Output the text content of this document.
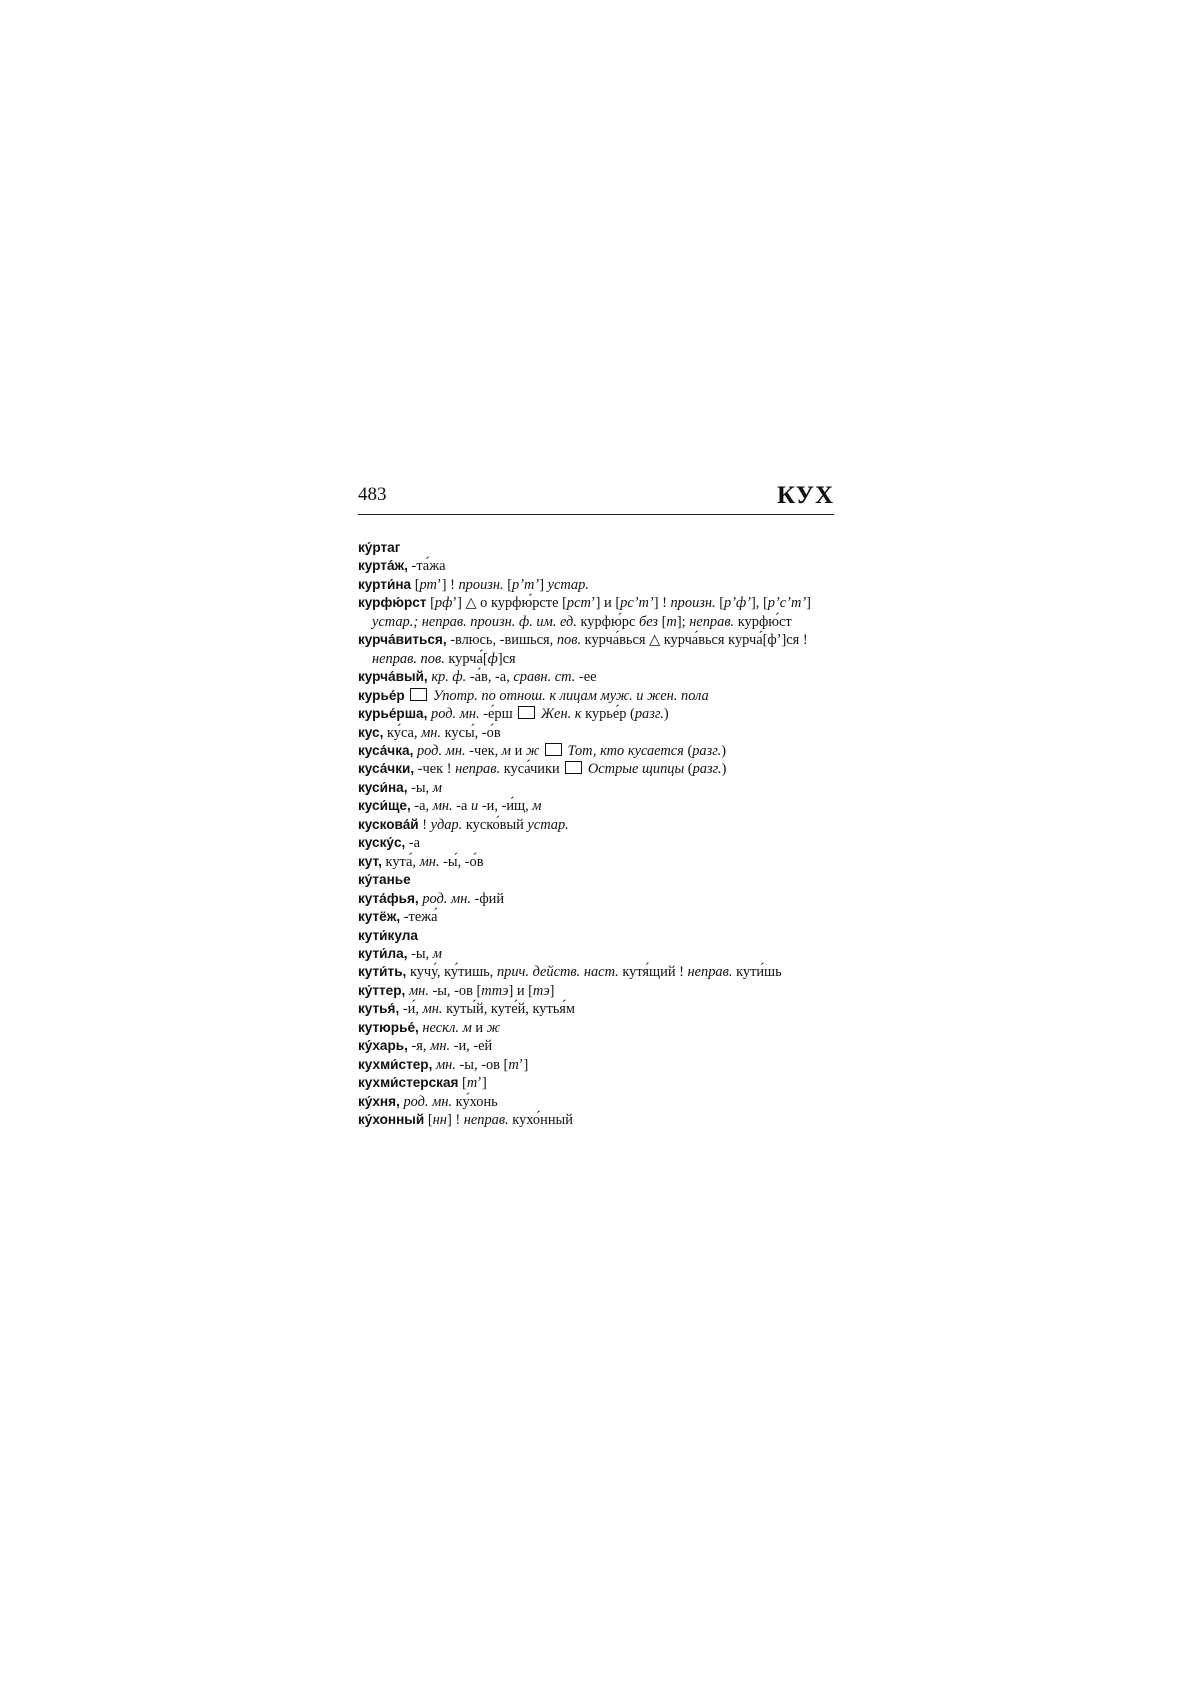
483	КУХ
ку́ртаг
курта́ж, -та́жа
курти́на [ртʼ] ! произн. [рʼтʼ] устар.
курфю́рст [рфʼ] △ о курфю́рсте [рстʼ] и [рсʼтʼ] ! произн. [рʼфʼ], [рʼсʼтʼ] устар.; неправ. произн. ф. им. ед. курфю́рс без [т]; неправ. курфю́ст
курча́виться, -влюсь, -вишься, пов. курча́вься △ курча́вься курча́[фʼ]ся ! неправ. пов. курча́[ф]ся
курча́вый, кр. ф. -а́в, -а, сравн. ст. -ее
курье́р Употр. по отнош. к лицам муж. и жен. пола
курье́рша, род. мн. -е́рш  Жен. к курье́р (разг.)
кус, ку́са, мн. кусы́, -о́в
куса́чка, род. мн. -чек, м и ж Тот, кто кусается (разг.)
куса́чки, -чек ! неправ. куса́чики  Острые щипцы (разг.)
куси́на, -ы, м
куси́ще, -а, мн. -а и -и, -и́щ, м
кускова́й ! удар. куско́вый устар.
куску́с, -а
кут, кута́, мн. -ы́, -о́в
ку́танье
кута́фья, род. мн. -фий
кутёж, -тежа́
кути́кула
кути́ла, -ы, м
кути́ть, кучу́, ку́тишь, прич. действ. наст. кутя́щий ! неправ. кути́шь
ку́ттер, мн. -ы, -ов [ттэ] и [тэ]
кутья́, -и́, мн. куты́й, куте́й, кутья́м
кутюрье́, нескл. м и ж
ку́харь, -я, мн. -и, -ей
кухми́стер, мн. -ы, -ов [тʼ]
кухми́стерская [тʼ]
ку́хня, род. мн. ку́хонь
ку́хонный [нн] ! неправ. кухо́нный
